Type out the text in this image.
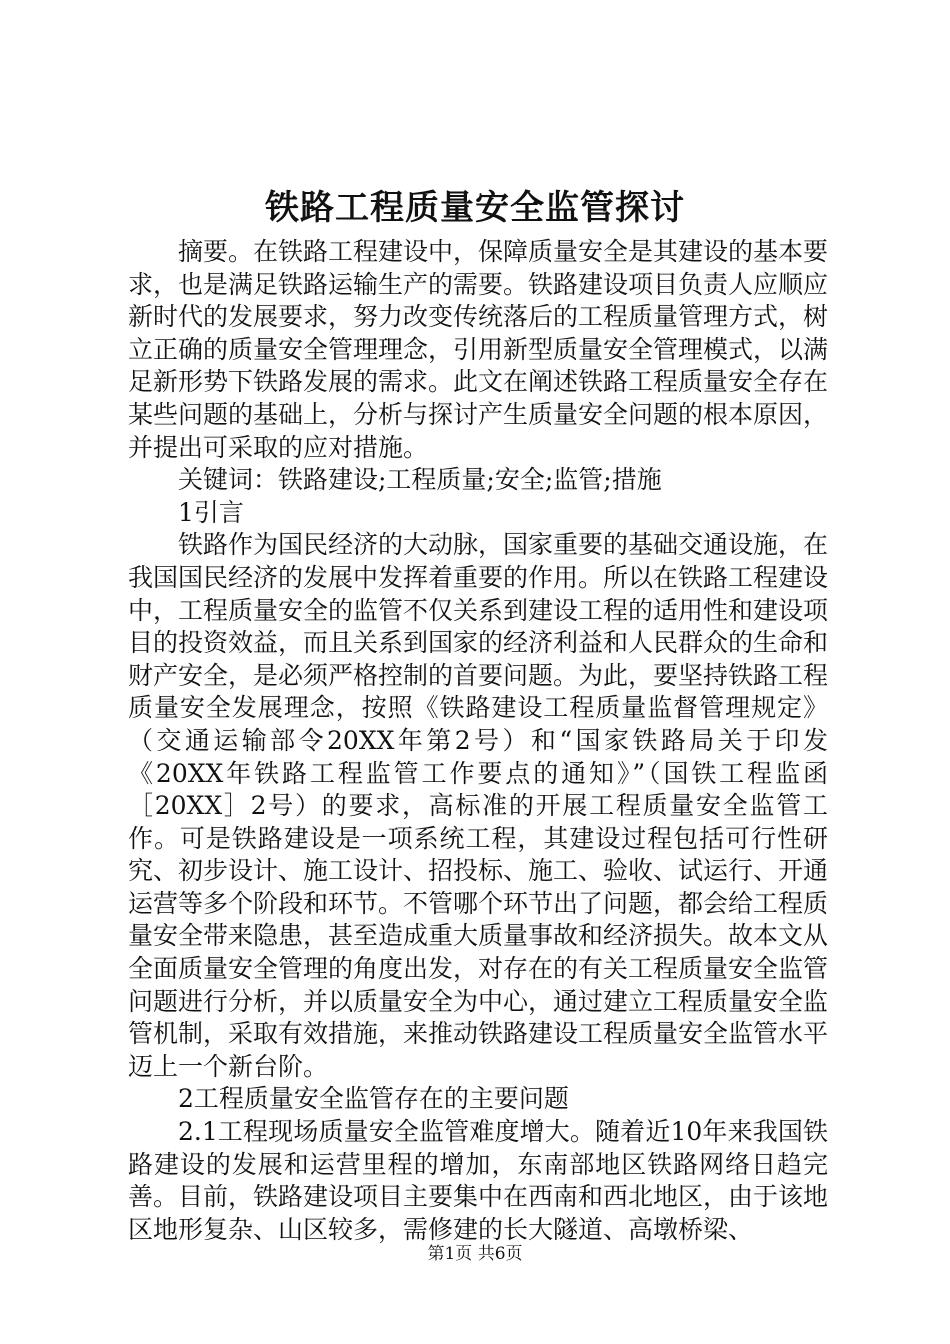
铁路工程质量安全监管探讨

摘要。在铁路工程建设中，保障质量安全是其建设的基本要求，也是满足铁路运输生产的需要。铁路建设项目负责人应顺应新时代的发展要求，努力改变传统落后的工程质量管理方式，树立正确的质量安全管理理念，引用新型质量安全管理模式，以满足新形势下铁路发展的需求。此文在阐述铁路工程质量安全存在某些问题的基础上，分析与探讨产生质量安全问题的根本原因，并提出可采取的应对措施。

关键词：铁路建设;工程质量;安全;监管;措施

1引言

铁路作为国民经济的大动脉，国家重要的基础交通设施，在我国国民经济的发展中发挥着重要的作用。所以在铁路工程建设中，工程质量安全的监管不仅关系到建设工程的适用性和建设项目的投资效益，而且关系到国家的经济利益和人民群众的生命和财产安全，是必须严格控制的首要问题。为此，要坚持铁路工程质量安全发展理念，按照《铁路建设工程质量监督管理规定》（交通运输部令20XX年第2号）和“国家铁路局关于印发《20XX年铁路工程监管工作要点的通知》”（国铁工程监函［20XX］2号）的要求，高标准的开展工程质量安全监管工作。可是铁路建设是一项系统工程，其建设过程包括可行性研究、初步设计、施工设计、招投标、施工、验收、试运行、开通运营等多个阶段和环节。不管哪个环节出了问题，都会给工程质量安全带来隐患，甚至造成重大质量事故和经济损失。故本文从全面质量安全管理的角度出发，对存在的有关工程质量安全监管问题进行分析，并以质量安全为中心，通过建立工程质量安全监管机制，采取有效措施，来推动铁路建设工程质量安全监管水平迈上一个新台阶。

2工程质量安全监管存在的主要问题

2.1工程现场质量安全监管难度增大。随着近10年来我国铁路建设的发展和运营里程的增加，东南部地区铁路网络日趋完善。目前，铁路建设项目主要集中在西南和西北地区，由于该地区地形复杂、山区较多，需修建的长大隧道、高墩桥梁、

第1页 共6页
